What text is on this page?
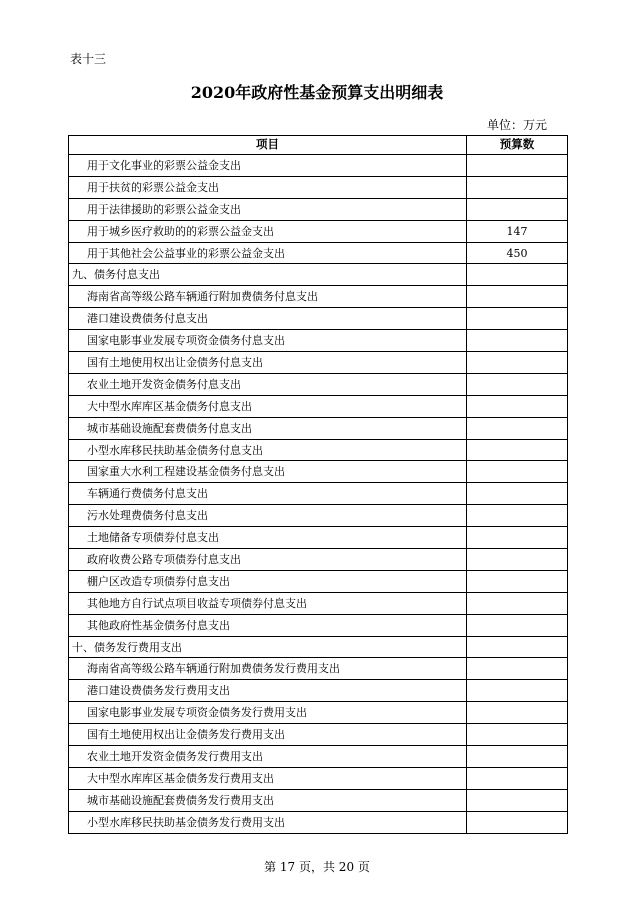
表十三
2020年政府性基金预算支出明细表
单位：万元
项目	预算数
用于文化事业的彩票公益金支出	
用于扶贫的彩票公益金支出	
用于法律援助的彩票公益金支出	
用于城乡医疗救助的的彩票公益金支出	147
用于其他社会公益事业的彩票公益金支出	450
九、债务付息支出	
海南省高等级公路车辆通行附加费债务付息支出	
港口建设费债务付息支出	
国家电影事业发展专项资金债务付息支出	
国有土地使用权出让金债务付息支出	
农业土地开发资金债务付息支出	
大中型水库库区基金债务付息支出	
城市基础设施配套费债务付息支出	
小型水库移民扶助基金债务付息支出	
国家重大水利工程建设基金债务付息支出	
车辆通行费债务付息支出	
污水处理费债务付息支出	
土地储备专项债券付息支出	
政府收费公路专项债券付息支出	
棚户区改造专项债券付息支出	
其他地方自行试点项目收益专项债券付息支出	
其他政府性基金债务付息支出	
十、债务发行费用支出	
海南省高等级公路车辆通行附加费债务发行费用支出	
港口建设费债务发行费用支出	
国家电影事业发展专项资金债务发行费用支出	
国有土地使用权出让金债务发行费用支出	
农业土地开发资金债务发行费用支出	
大中型水库库区基金债务发行费用支出	
城市基础设施配套费债务发行费用支出	
小型水库移民扶助基金债务发行费用支出	
第 17 页，共 20 页
